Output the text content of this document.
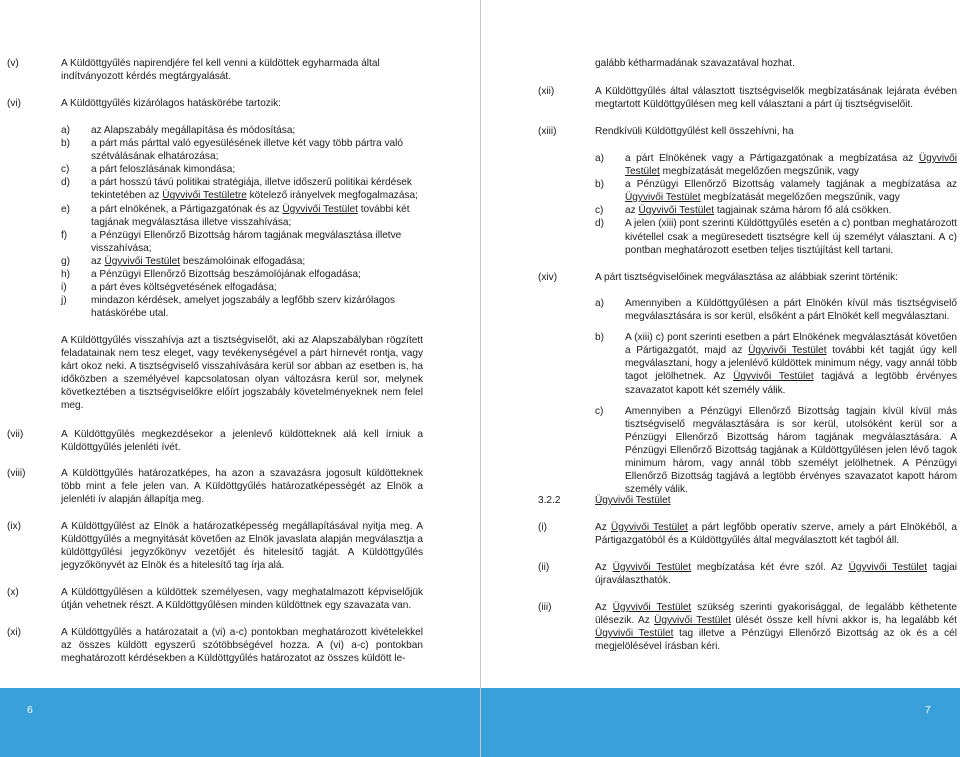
(v)	A Küldöttgyűlés napirendjére fel kell venni a küldöttek egyharmada által indítványozott kérdés megtárgyalását.
(vi)	A Küldöttgyűlés kizárólagos hatáskörébe tartozik:
a)	az Alapszabály megállapítása és módosítása;
b)	a párt más párttal való egyesülésének illetve két vagy több pártra való szétválásának elhatározása;
c)	a párt feloszlásának kimondása;
d)	a párt hosszú távú politikai stratégiája, illetve időszerű politikai kérdések tekintetében az Ügyvivői Testületre kötelező irányelvek megfogalmazása;
e)	a párt elnökének, a Pártigazgatónak és az Ügyvivői Testület további két tagjának megválasztása illetve visszahívása;
f)	a Pénzügyi Ellenőrző Bizottság három tagjának megválasztása illetve visszahívása;
g)	az Ügyvivői Testület beszámolóinak elfogadása;
h)	a Pénzügyi Ellenőrző Bizottság beszámolójának elfogadása;
i)	a párt éves költségvetésének elfogadása;
j)	mindazon kérdések, amelyet jogszabály a legfőbb szerv kizárólagos hatáskörébe utal.
A Küldöttgyűlés visszahívja azt a tisztségviselőt, aki az Alapszabályban rögzített feladatainak nem tesz eleget, vagy tevékenységével a párt hírnevét rontja, vagy kárt okoz neki. A tisztségviselő visszahívására kerül sor abban az esetben is, ha időközben a személyével kapcsolatosan olyan változásra kerül sor, melynek következtében a tisztségviselőkre előírt jogszabály követelményeknek nem felel meg.
(vii)	A Küldöttgyűlés megkezdésekor a jelenlevő küldötteknek alá kell írniuk a Küldöttgyűlés jelenléti ívét.
(viii)	A Küldöttgyűlés határozatképes, ha azon a szavazásra jogosult küldötteknek több mint a fele jelen van. A Küldöttgyűlés határozatképességét az Elnök a jelenléti ív alapján állapítja meg.
(ix)	A Küldöttgyűlést az Elnök a határozatképesség megállapításával nyitja meg. A Küldöttgyűlés a megnyitását követően az Elnök javaslata alapján megválasztja a küldöttgyűlési jegyzőkönyv vezetőjét és hitelesítő tagját. A Küldöttgyűlés jegyzőkönyvét az Elnök és a hitelesítő tag írja alá.
(x)	A Küldöttgyűlésen a küldöttek személyesen, vagy meghatalmazott képviselőjük útján vehetnek részt. A Küldöttgyűlésen minden küldöttnek egy szavazata van.
(xi)	A Küldöttgyűlés a határozatait a (vi) a-c) pontokban meghatározott kivételekkel az összes küldött egyszerű szótöbbségével hozza. A (vi) a-c) pontokban meghatározott kérdésekben a Küldöttgyűlés határozatot az összes küldött le-
6
galább kétharmadának szavazatával hozhat.
(xii)	A Küldöttgyűlés által választott tisztségviselők megbízatásának lejárata évében megtartott Küldöttgyűlésen meg kell választani a párt új tisztségviselőit.
(xiii)	Rendkívüli Küldöttgyűlést kell összehívni, ha
a)	a párt Elnökének vagy a Pártigazgatónak a megbízatása az Ügyvivői Testület megbízatását megelőzően megszűnik, vagy
b)	a Pénzügyi Ellenőrző Bizottság valamely tagjának a megbízatása az Ügyvivői Testület megbízatását megelőzően megszűnik, vagy
c)	az Ügyvivői Testület tagjainak száma három fő alá csökken.
d)	A jelen (xiii) pont szerinti Küldöttgyűlés esetén a c) pontban meghatározott kivétellel csak a megüresedett tisztségre kell új személyt választani. A c) pontban meghatározott esetben teljes tisztújítást kell tartani.
(xiv)	A párt tisztségviselőinek megválasztása az alábbiak szerint történik:
a)	Amennyiben a Küldöttgyűlésen a párt Elnökén kívül más tisztségviselő megválasztására is sor kerül, elsőként a párt Elnökét kell megválasztani.
b)	A (xiii) c) pont szerinti esetben a párt Elnökének megválasztását követően a Pártigazgatót, majd az Ügyvivői Testület további két tagját úgy kell megválasztani, hogy a jelenlévő küldöttek minimum négy, vagy annál több tagot jelölhetnek. Az Ügyvivői Testület tagjává a legtöbb érvényes szavazatot kapott két személy válik.
c)	Amennyiben a Pénzügyi Ellenőrző Bizottság tagjain kívül kívül más tisztségviselő megválasztására is sor kerül, utolsóként kerül sor a Pénzügyi Ellenőrző Bizottság három tagjának megválasztására. A Pénzügyi Ellenőrző Bizottság tagjának a Küldöttgyűlésen jelen lévő tagok minimum három, vagy annál több személyt jelölhetnek. A Pénzügyi Ellenőrző Bizottság tagjává a legtöbb érvényes szavazatot kapott három személy válik.
3.2.2	Ügyvivői Testület
(i)	Az Ügyvivői Testület a párt legfőbb operatív szerve, amely a párt Elnökéből, a Pártigazgatóból és a Küldöttgyűlés által megválasztott két tagból áll.
(ii)	Az Ügyvivői Testület megbízatása két évre szól. Az Ügyvivői Testület tagjai újraválaszthatók.
(iii)	Az Ügyvivői Testület szükség szerinti gyakorisággal, de legalább kéthetente ülésezik. Az Ügyvivői Testület ülését össze kell hívni akkor is, ha legalább két Ügyvivői Testület tag illetve a Pénzügyi Ellenőrző Bizottság az ok és a cél megjelölésével írásban kéri.
7
